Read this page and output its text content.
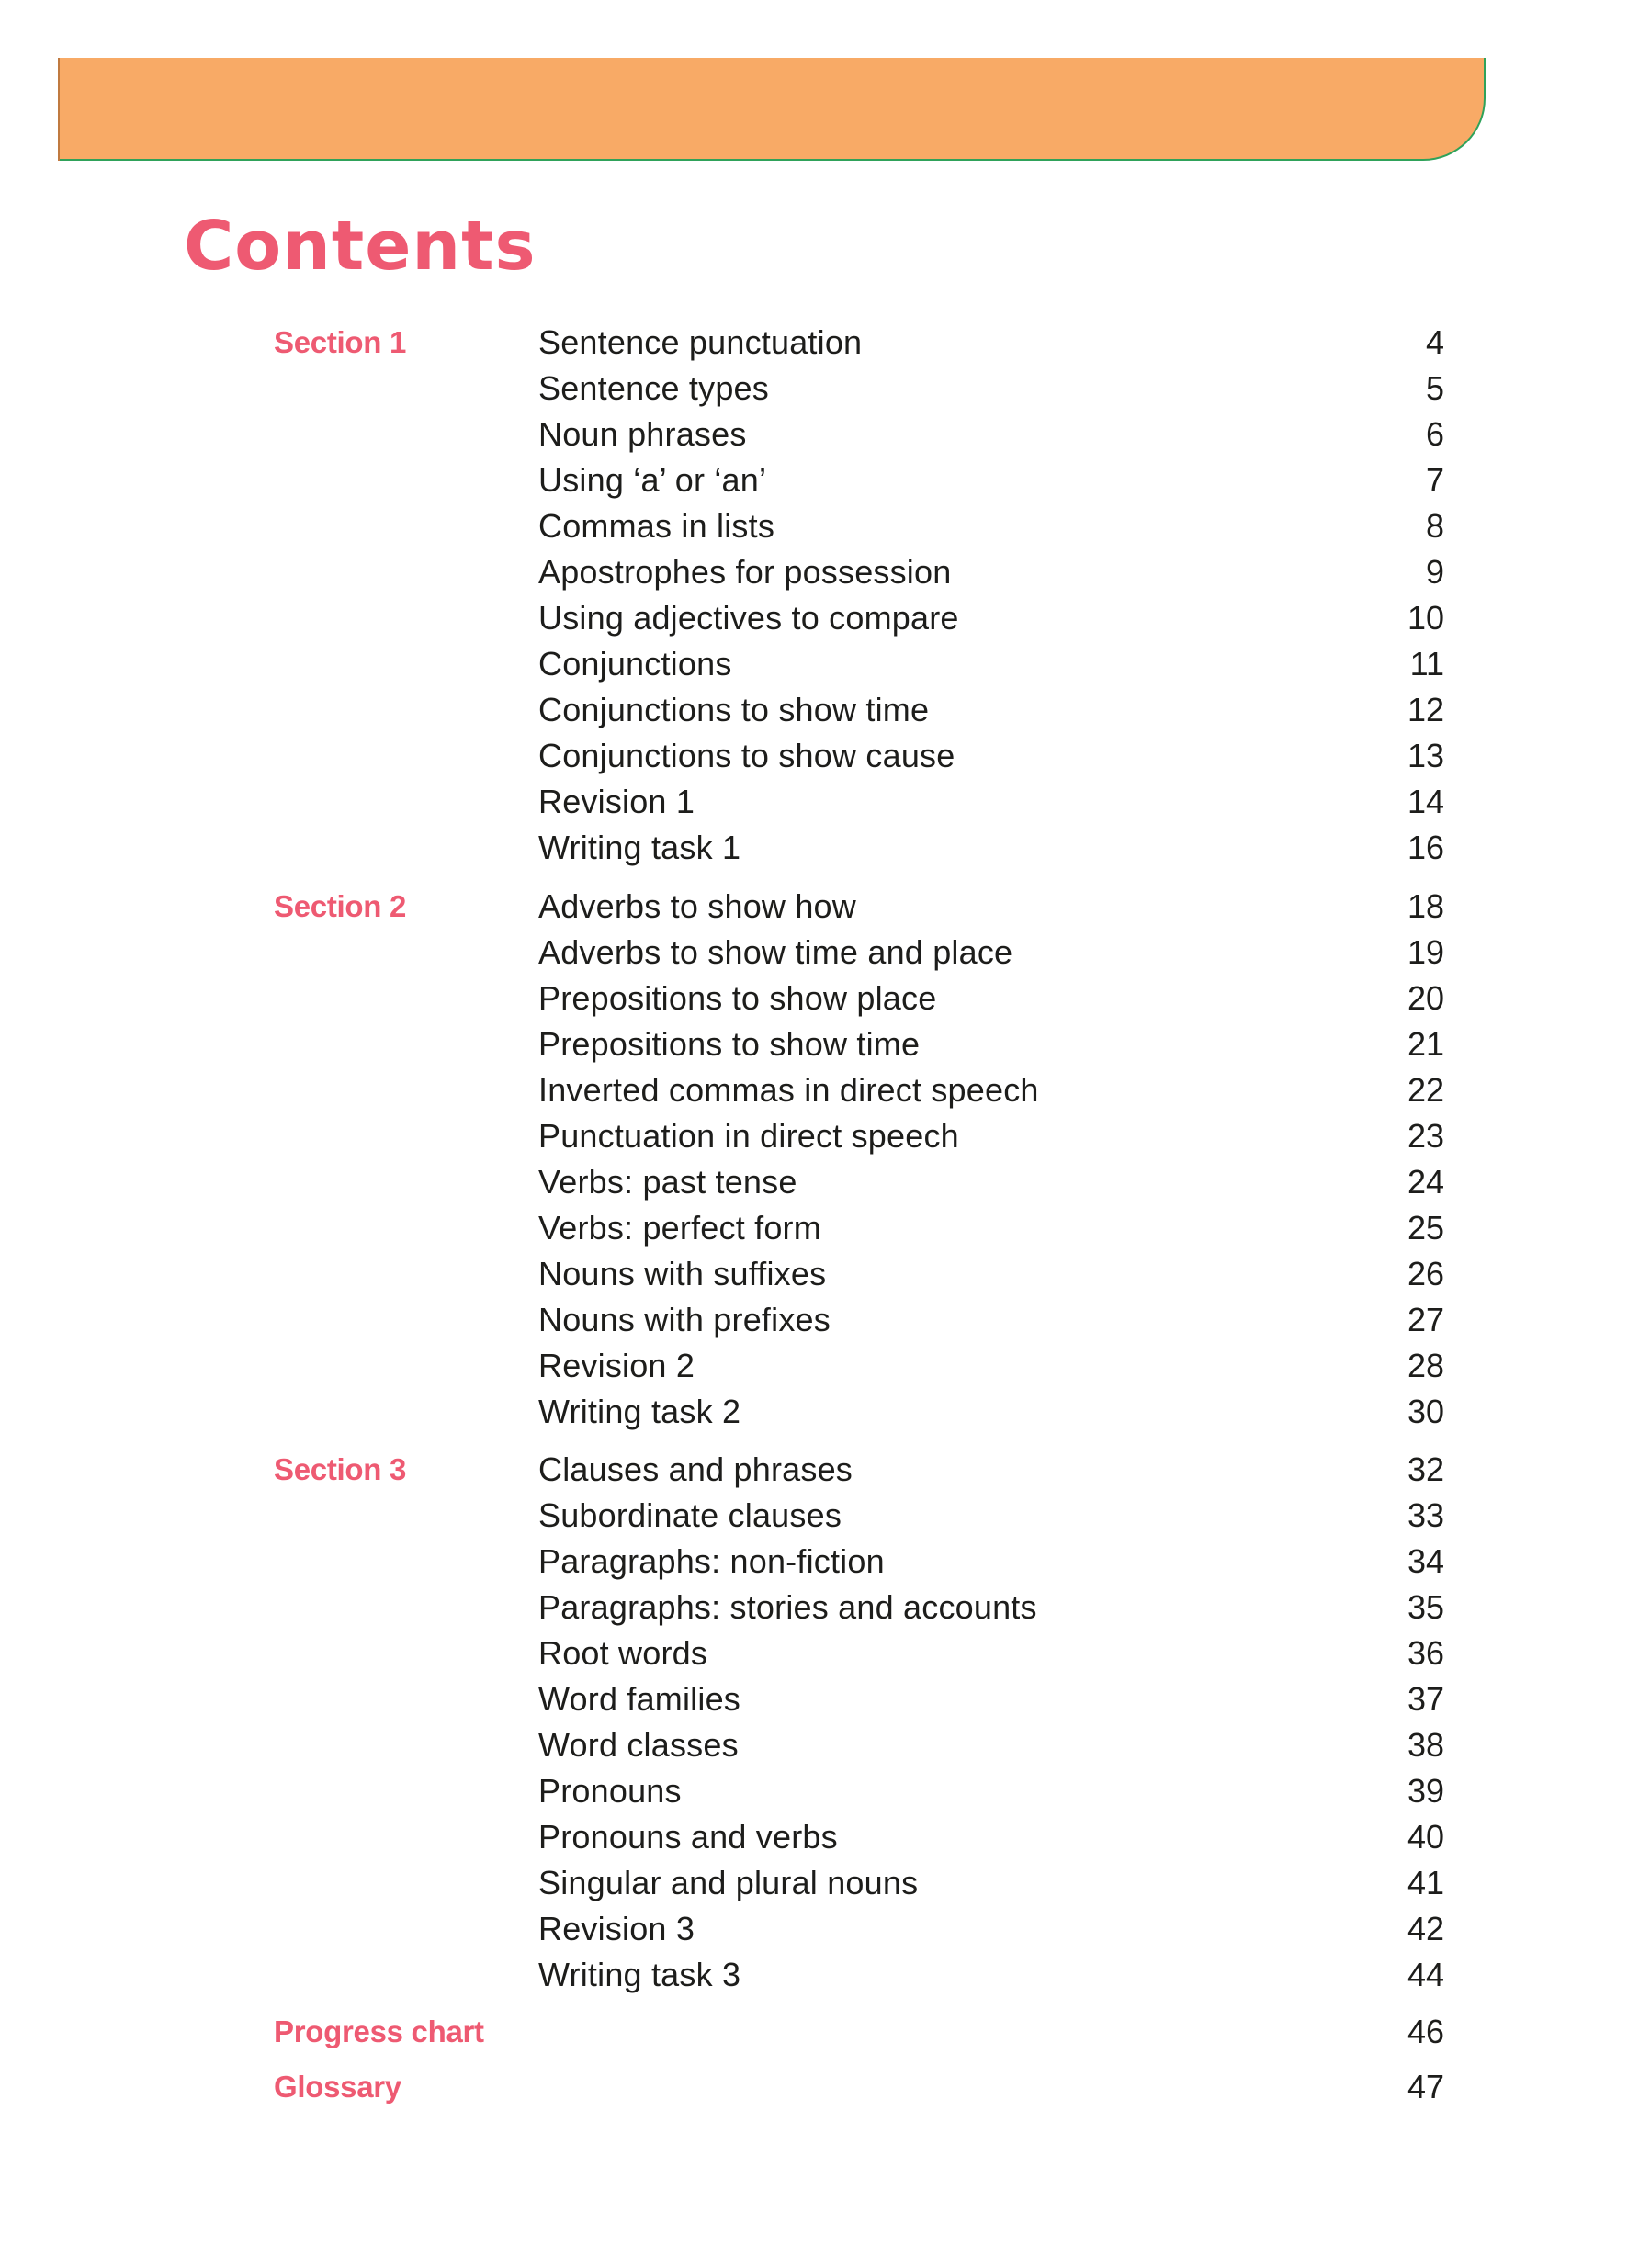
Contents
Section 1	Sentence punctuation	4
Sentence types	5
Noun phrases	6
Using ‘a’ or ‘an’	7
Commas in lists	8
Apostrophes for possession	9
Using adjectives to compare	10
Conjunctions	11
Conjunctions to show time	12
Conjunctions to show cause	13
Revision 1	14
Writing task 1	16
Section 2	Adverbs to show how	18
Adverbs to show time and place	19
Prepositions to show place	20
Prepositions to show time	21
Inverted commas in direct speech	22
Punctuation in direct speech	23
Verbs: past tense	24
Verbs: perfect form	25
Nouns with suffixes	26
Nouns with prefixes	27
Revision 2	28
Writing task 2	30
Section 3	Clauses and phrases	32
Subordinate clauses	33
Paragraphs: non-fiction	34
Paragraphs: stories and accounts	35
Root words	36
Word families	37
Word classes	38
Pronouns	39
Pronouns and verbs	40
Singular and plural nouns	41
Revision 3	42
Writing task 3	44
Progress chart	46
Glossary	47
